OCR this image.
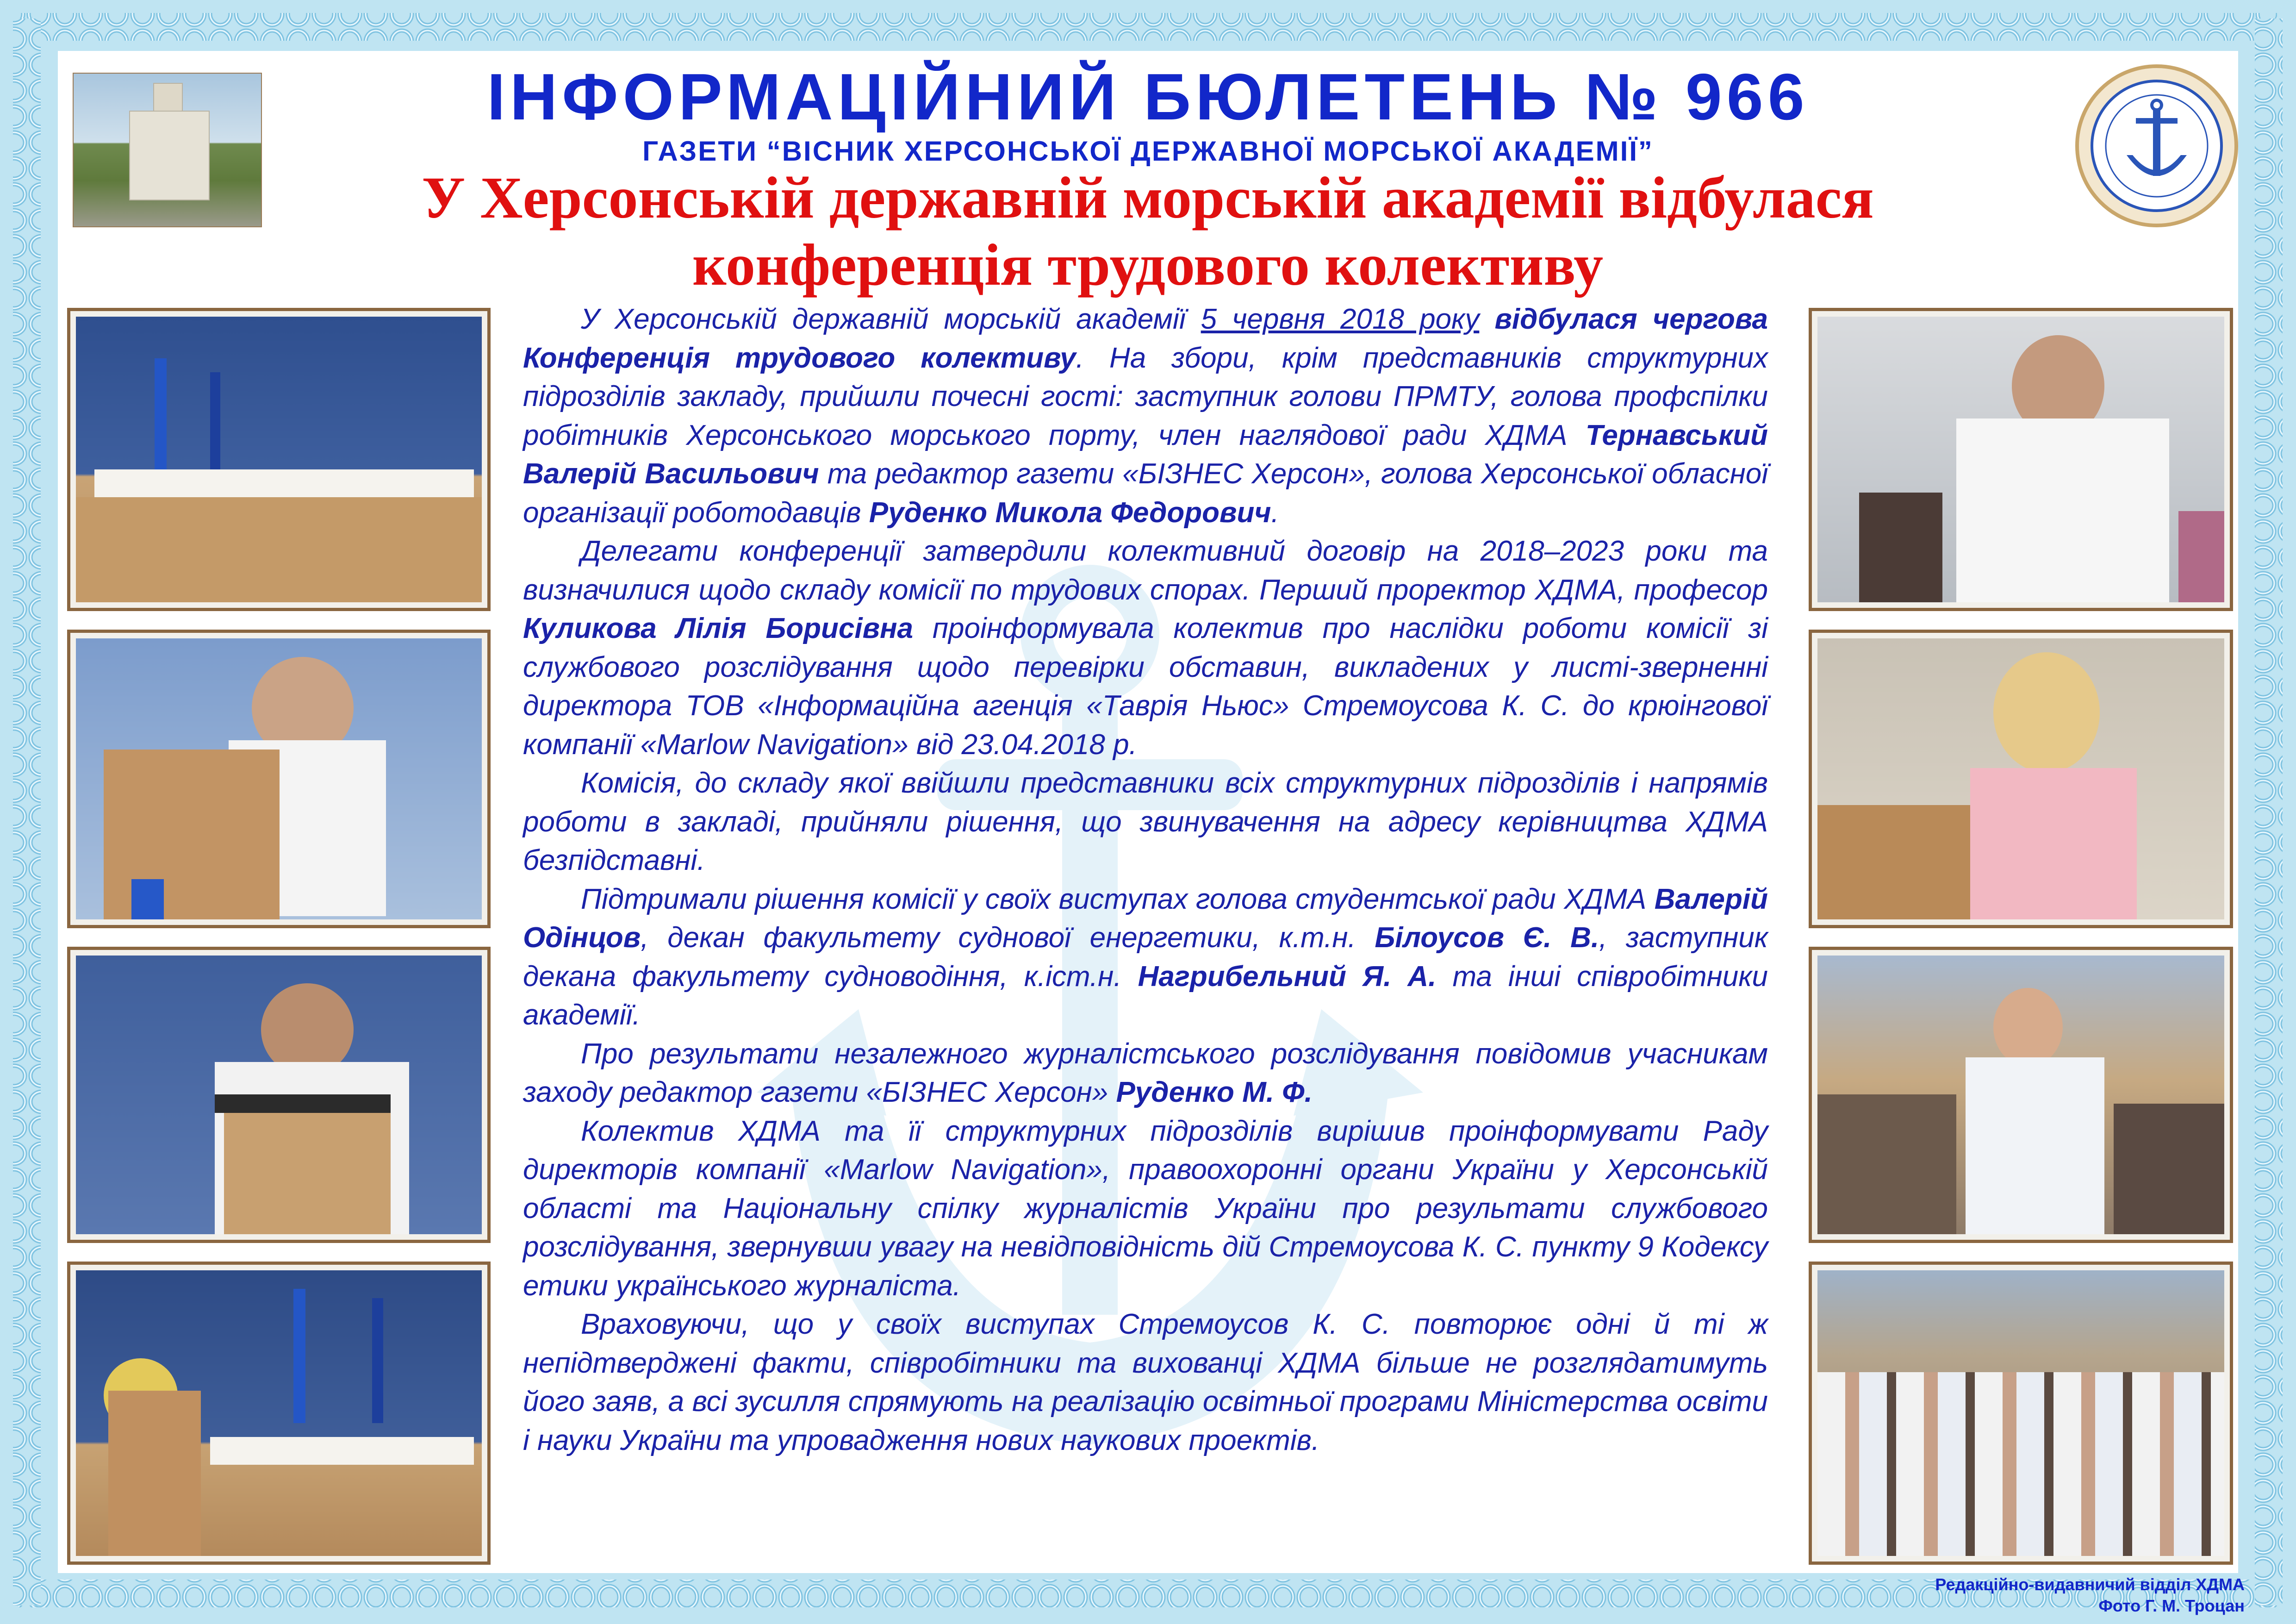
ІНФОРМАЦІЙНИЙ БЮЛЕТЕНЬ № 966
ГАЗЕТИ “ВІСНИК ХЕРСОНСЬКОЇ ДЕРЖАВНОЇ МОРСЬКОЇ АКАДЕМІЇ”
У Херсонській державній морській академії відбулася
конференція трудового колективу

У Херсонській державній морській академії 5 червня 2018 року відбулася чергова Конференція трудового колективу. На збори, крім представників структурних підрозділів закладу, прийшли почесні гості: заступник голови ПРМТУ, голова профспілки робітників Херсонського морського порту, член наглядової ради ХДМА Тернавський Валерій Васильович та редактор газети «БІЗНЕС Херсон», голова Херсонської обласної організації роботодавців Руденко Микола Федорович.

Делегати конференції затвердили колективний договір на 2018–2023 роки та визначилися щодо складу комісії по трудових спорах. Перший проректор ХДМА, професор Куликова Лілія Борисівна проінформувала колектив про наслідки роботи комісії зі службового розслідування щодо перевірки обставин, викладених у листі-зверненні директора ТОВ «Інформаційна агенція «Таврія Ньюс» Стремоусова К. С. до крюінгової компанії «Marlow Navigation» від 23.04.2018 р.

Комісія, до складу якої ввійшли представники всіх структурних підрозділів і напрямів роботи в закладі, прийняли рішення, що звинувачення на адресу керівництва ХДМА безпідставні.

Підтримали рішення комісії у своїх виступах голова студентської ради ХДМА Валерій Одінцов, декан факультету суднової енергетики, к.т.н. Білоусов Є. В., заступник декана факультету судноводіння, к.іст.н. Нагрибельний Я. А. та інші співробітники академії.

Про результати незалежного журналістського розслідування повідомив учасникам заходу редактор газети «БІЗНЕС Херсон» Руденко М. Ф.

Колектив ХДМА та її структурних підрозділів вирішив проінформувати Раду директорів компанії «Marlow Navigation», правоохоронні органи України у Херсонській області та Національну спілку журналістів України про результати службового розслідування, звернувши увагу на невідповідність дій Стремоусова К. С. пункту 9 Кодексу етики українського журналіста.

Враховуючи, що у своїх виступах Стремоусов К. С. повторює одні й ті ж непідтверджені факти, співробітники та вихованці ХДМА більше не розглядатимуть його заяв, а всі зусилля спрямують на реалізацію освітньої програми Міністерства освіти і науки України та упровадження нових наукових проектів.

Редакційно-видавничий відділ ХДМА
Фото Г. М. Троцан
